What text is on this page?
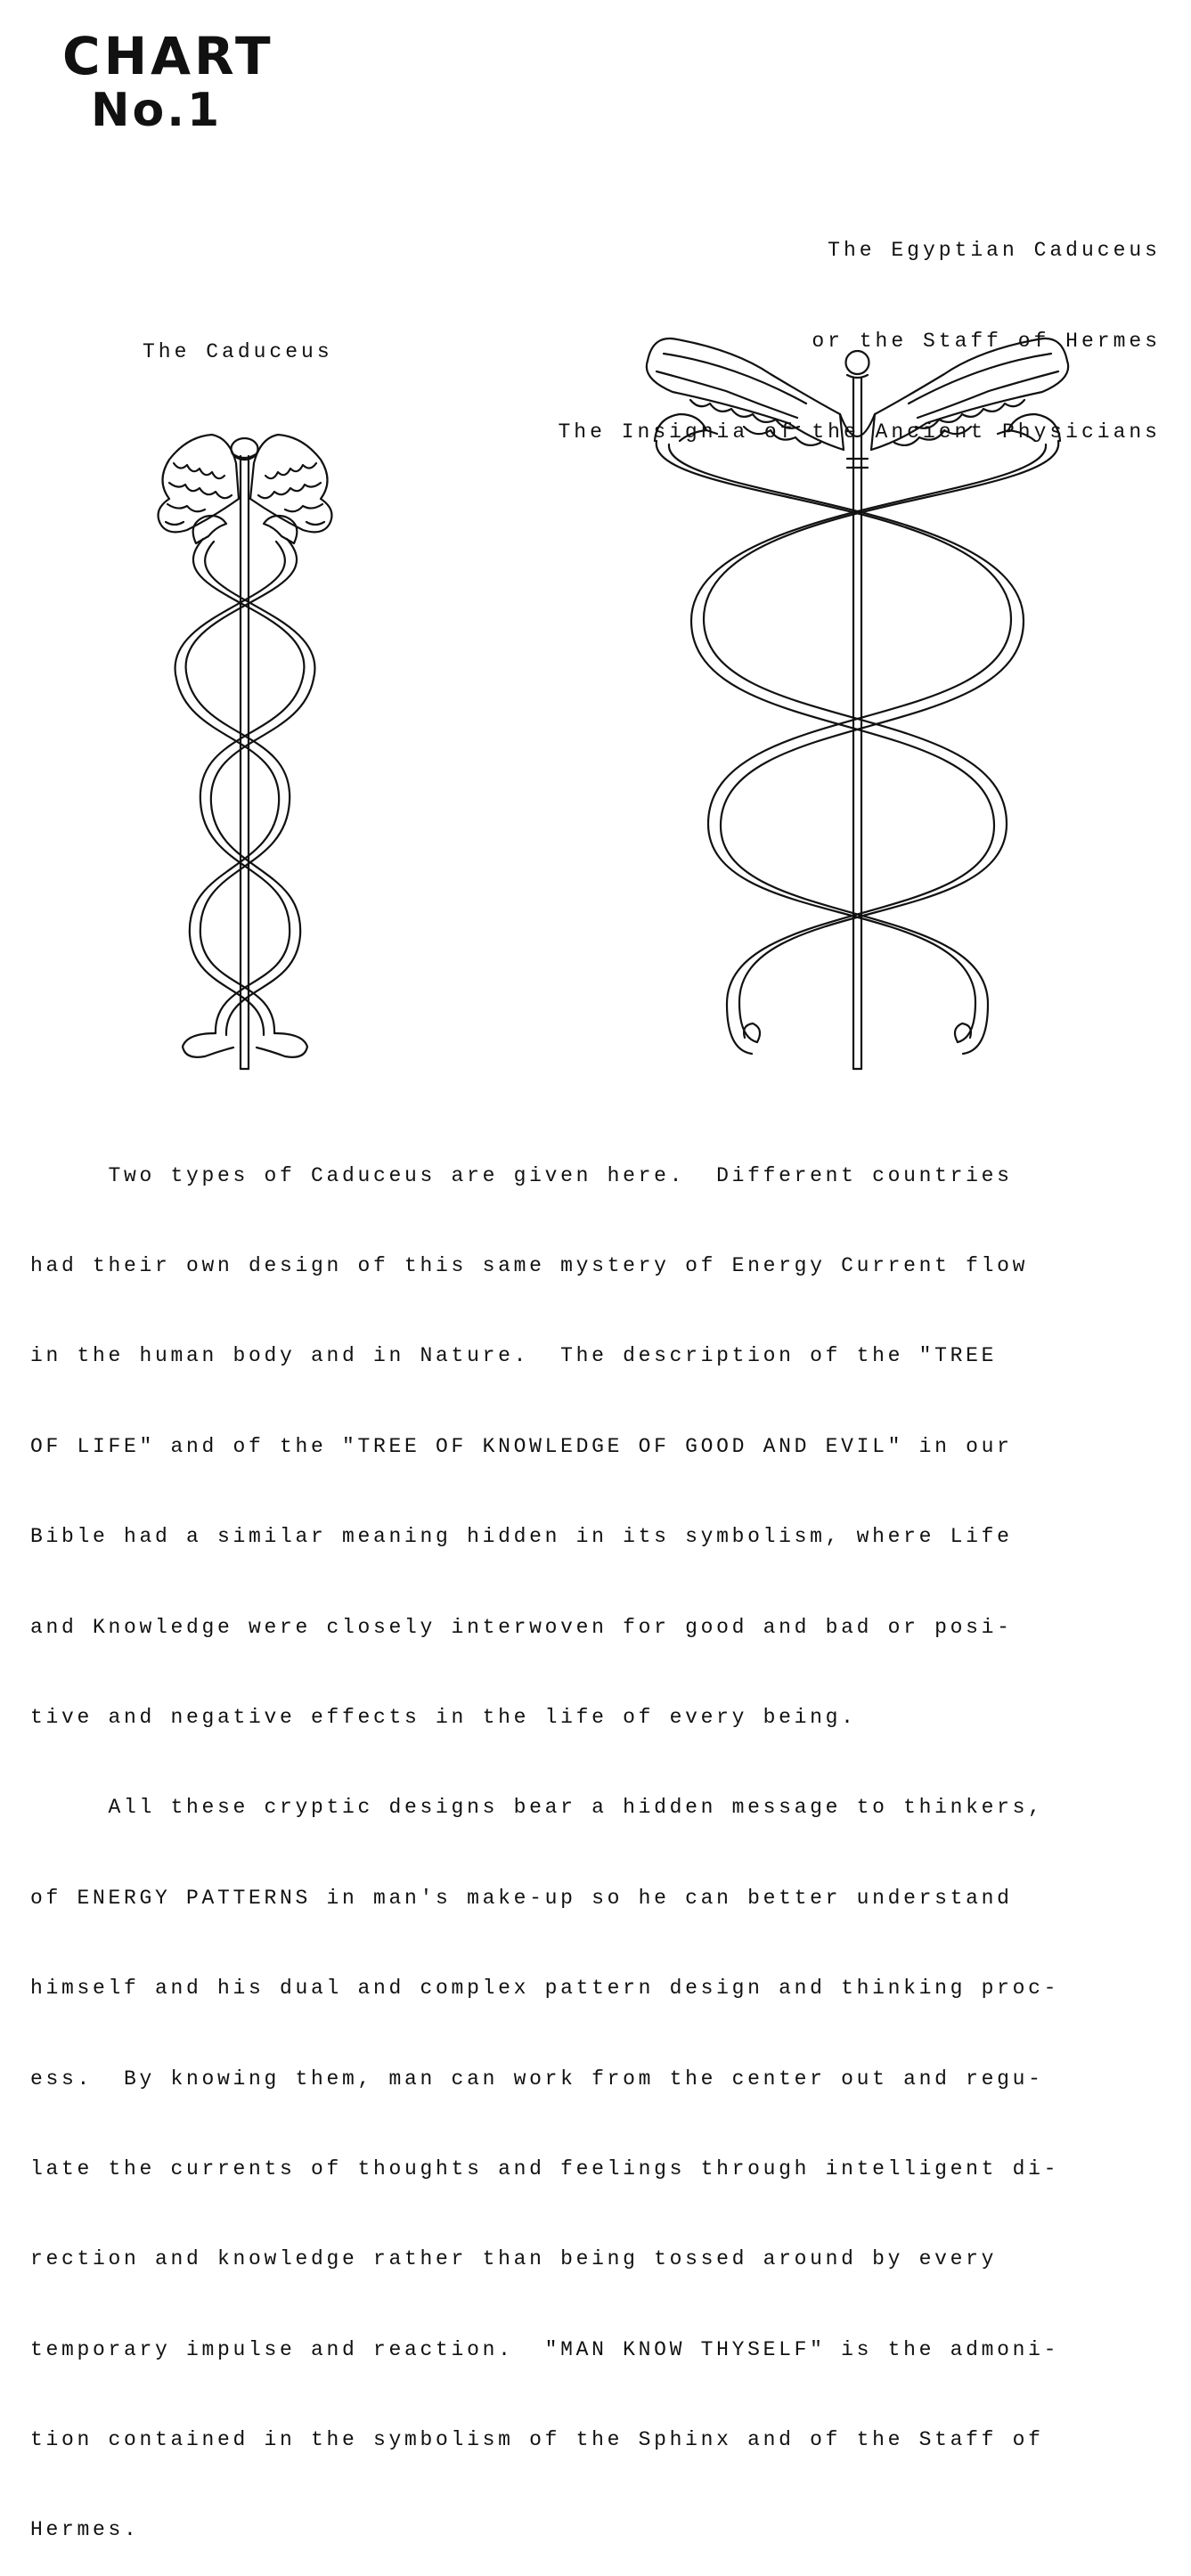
CHART
No.1

The Egyptian Caduceus

or the Staff of Hermes

The Insignia of the Ancient Physicians

The Caduceus

Two types of Caduceus are given here.  Different countries

had their own design of this same mystery of Energy Current flow

in the human body and in Nature.  The description of the "TREE

OF LIFE" and of the "TREE OF KNOWLEDGE OF GOOD AND EVIL" in our

Bible had a similar meaning hidden in its symbolism, where Life

and Knowledge were closely interwoven for good and bad or posi-

tive and negative effects in the life of every being.

All these cryptic designs bear a hidden message to thinkers,

of ENERGY PATTERNS in man's make-up so he can better understand

himself and his dual and complex pattern design and thinking proc-

ess.  By knowing them, man can work from the center out and regu-

late the currents of thoughts and feelings through intelligent di-

rection and knowledge rather than being tossed around by every

temporary impulse and reaction.  "MAN KNOW THYSELF" is the admoni-

tion contained in the symbolism of the Sphinx and of the Staff of

Hermes.
